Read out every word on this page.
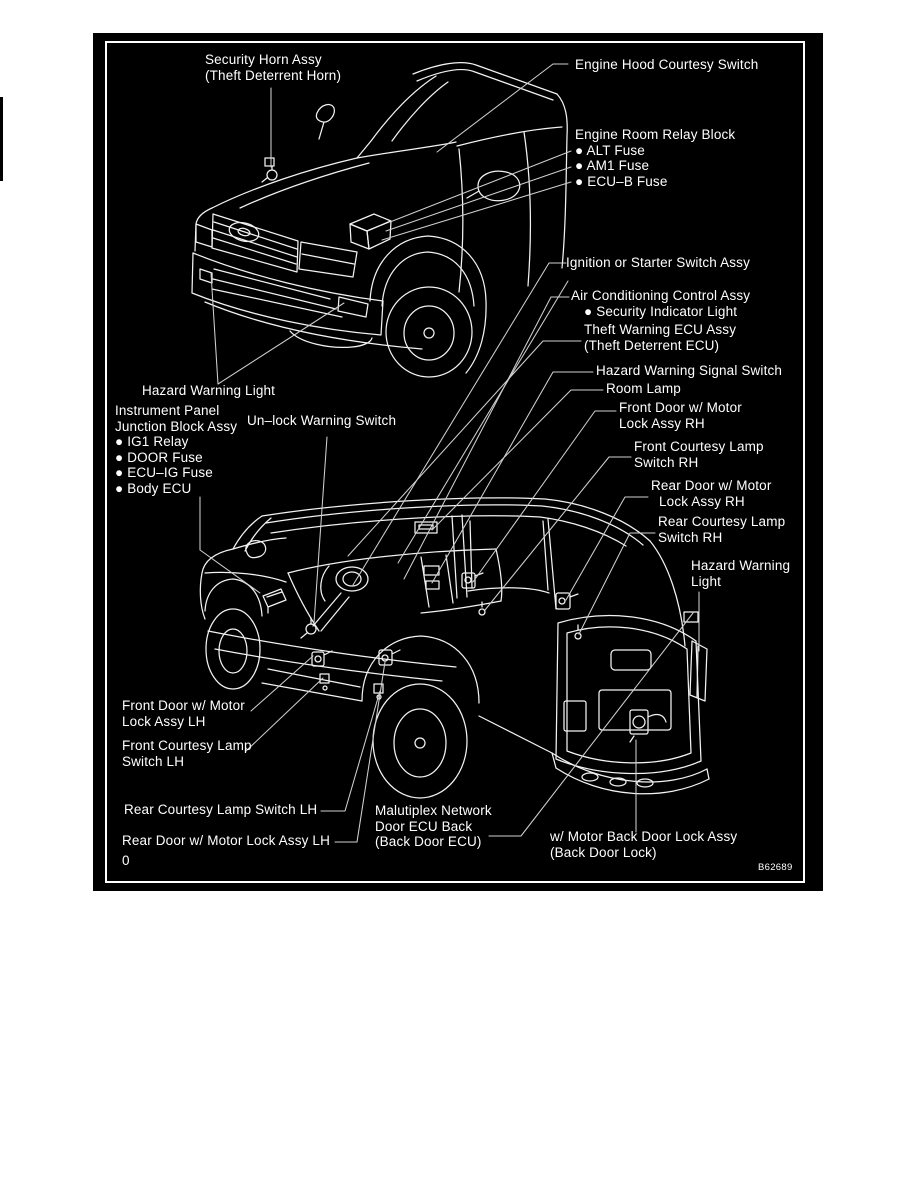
Security Horn Assy
(Theft Deterrent Horn)
Engine Hood Courtesy Switch
Engine Room Relay Block
● ALT Fuse
● AM1 Fuse
● ECU–B Fuse
Ignition or Starter Switch Assy
Air Conditioning Control Assy
● Security Indicator Light
Theft Warning ECU Assy
(Theft Deterrent ECU)
Hazard Warning Signal Switch
Room Lamp
Front Door w/ Motor
Lock Assy RH
Front Courtesy Lamp
Switch RH
Rear Door w/ Motor
Lock Assy RH
Rear Courtesy Lamp
Switch RH
Hazard Warning
Light
Hazard Warning Light
Instrument Panel
Junction Block Assy
● IG1 Relay
● DOOR Fuse
● ECU–IG Fuse
● Body ECU
Un–lock Warning Switch
Front Door w/ Motor
Lock Assy LH
Front Courtesy Lamp
Switch LH
Rear Courtesy Lamp Switch LH
Rear Door w/ Motor Lock Assy LH
0
Malutiplex Network
Door ECU Back
(Back Door ECU)	w/ Motor Back Door Lock Assy
(Back Door Lock)
B62689
